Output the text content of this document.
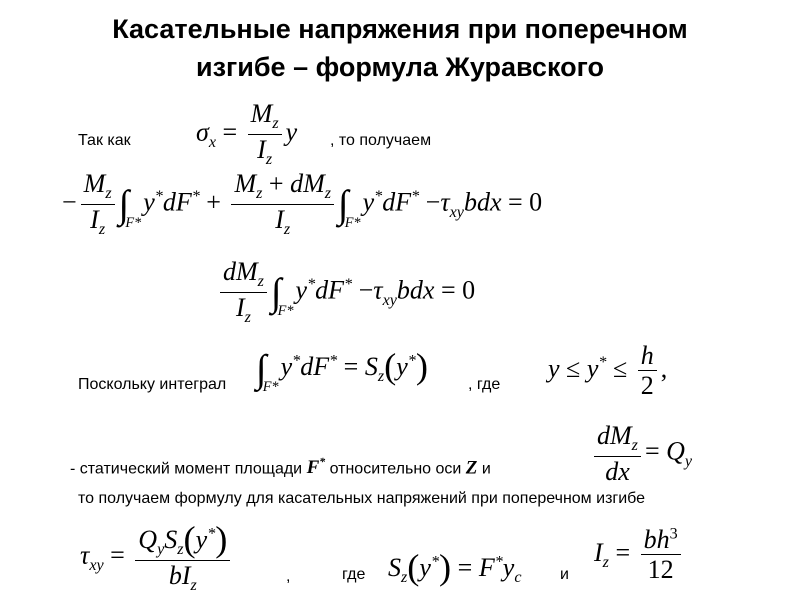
Касательные напряжения при поперечном
изгибе – формула Журавского
Так как	$\sigma_x = \frac{M_z}{I_z}$ y , то получаем
− $\frac{M_z}{I_z} \int_{F*}y^*dF^* + \frac{M_z + dM_z}{I_z} \int_{F*}y^*dF^* -\tau_{xy}bdx = 0$
$\frac{dM_z}{I_z} \int_{F*}y^*dF^* -\tau_{xy}bdx = 0$
Поскольку интеграл $\int_{F*}y^*dF^* = S_z(y^*)$	, где
$y \le y^* \le \frac{h}{2}$ ,
- статический момент площади F* относительно оси Z и	$\frac{dM_z}{dx} = Q_y$
то получаем формулу для касательных напряжений при поперечном изгибе
$\tau_{xy} = \frac{Q_yS_z(y^*)}{bI_z}$	,	где $S_z(y^*) = F^*y_c$ и
$I_z = \frac{bh^3}{12}$
